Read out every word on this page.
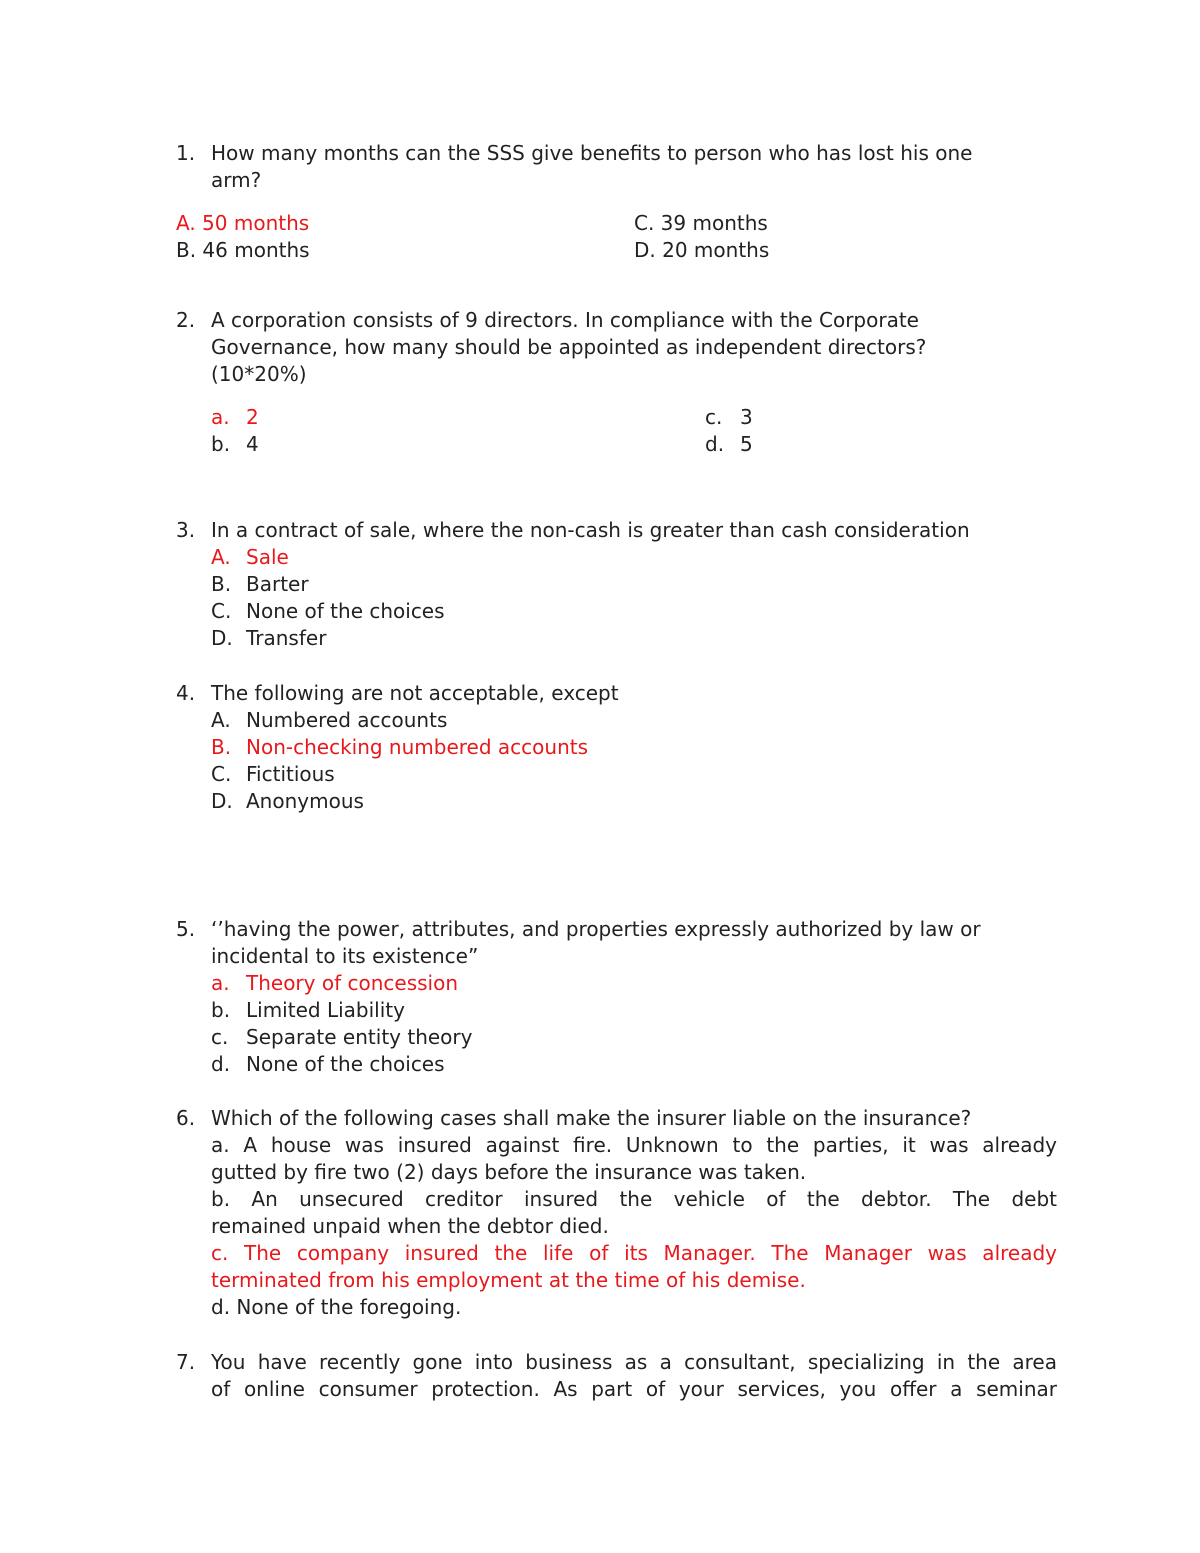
1. How many months can the SSS give benefits to person who has lost his one

arm?

A. 50 months

B. 46 months

C. 39 months

D. 20 months

2. A corporation consists of 9 directors. In compliance with the Corporate

Governance, how many should be appointed as independent directors?

(10*20%)

a. 2

b. 4

c. 3

d. 5

3. In a contract of sale, where the non-cash is greater than cash consideration

A. Sale

B. Barter

C. None of the choices

D. Transfer

4. The following are not acceptable, except

A. Numbered accounts

B. Non-checking numbered accounts

C. Fictitious

D. Anonymous

5. ‘’having the power, attributes, and properties expressly authorized by law or

incidental to its existence”

a. Theory of concession

b. Limited Liability

c. Separate entity theory

d. None of the choices

6. Which of the following cases shall make the insurer liable on the insurance?

a. A house was insured against fire. Unknown to the parties, it was already

gutted by fire two (2) days before the insurance was taken.

b. An unsecured creditor insured the vehicle of the debtor. The debt

remained unpaid when the debtor died.

c. The company insured the life of its Manager. The Manager was already

terminated from his employment at the time of his demise.

d. None of the foregoing.

7. You have recently gone into business as a consultant, specializing in the area

of online consumer protection. As part of your services, you offer a seminar
